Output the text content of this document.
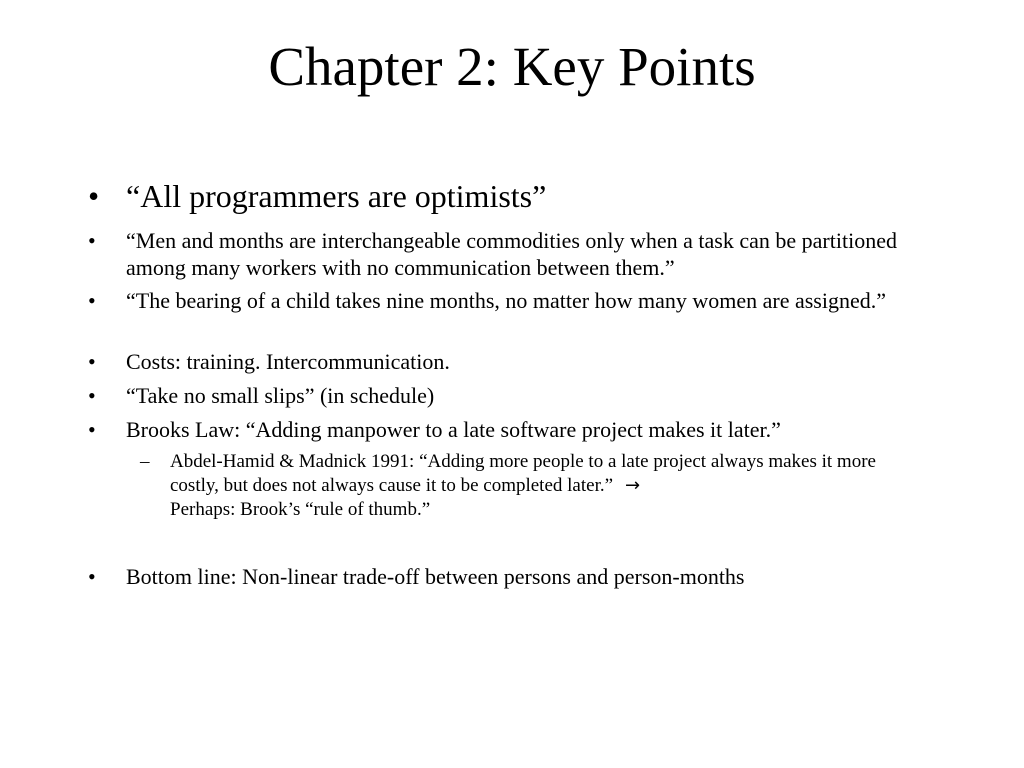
Chapter 2: Key Points
• “All programmers are optimists”
• “Men and months are interchangeable commodities only when a task can be partitioned among many workers with no communication between them.”
• “The bearing of a child takes nine months, no matter how many women are assigned.”
• Costs: training. Intercommunication.
• “Take no small slips” (in schedule)
• Brooks Law: “Adding manpower to a late software project makes it later.”
– Abdel-Hamid & Madnick 1991: “Adding more people to a late project always makes it more costly, but does not always cause it to be completed later.” →
Perhaps: Brook’s “rule of thumb.”
• Bottom line: Non-linear trade-off between persons and person-months
